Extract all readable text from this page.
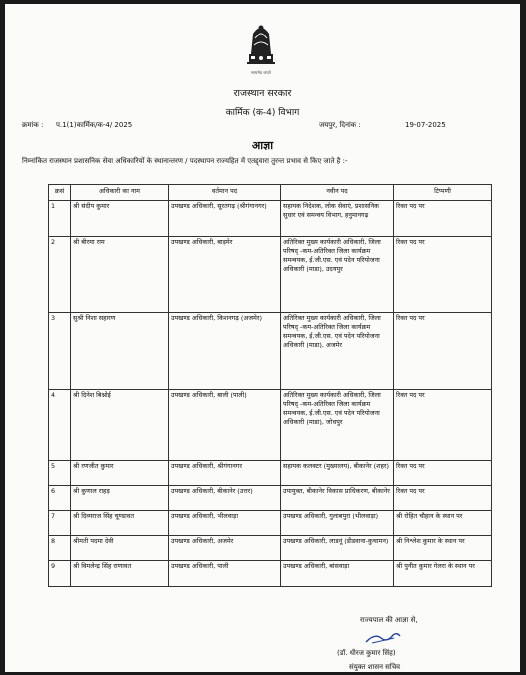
सत्यमेव जयते
राजस्थान सरकार
कार्मिक (क-4) विभाग
क्रमांक : प.1(1)कार्मिक/क-4/ 2025	जयपुर, दिनांक :	19-07-2025
आज्ञा
निम्नांकित राजस्थान प्रशासनिक सेवा अधिकारियों के स्थानान्तरण / पदस्थापन राज्यहित में एतद्द्वारा तुरन्त प्रभाव से किए जाते है :-
क्रसं	अधिकारी का नाम	वर्तमान पद	नवीन पद	टिप्पणी
1	श्री संदीप कुमार	उपखण्ड अधिकारी, सूरतगढ़ (श्रीगंगानगर)	सहायक निदेशक, लोक सेवाएं, प्रशासनिक सुधार एवं समन्वय विभाग, हनुमानगढ़	रिक्त पद पर
2	श्री बीरमा राम	उपखण्ड अधिकारी, बाड़मेर	अतिरिक्त मुख्य कार्यकारी अधिकारी, जिला परिषद् -कम-अतिरिक्त जिला कार्यक्रम समन्वयक, ई.जी.एस. एवं पदेन परियोजना अधिकारी (माडा), उदयपुर	रिक्त पद पर
3	सुश्री निशा सहारण	उपखण्ड अधिकारी, किशनगढ़ (अजमेर)	अतिरिक्त मुख्य कार्यकारी अधिकारी, जिला परिषद् -कम-अतिरिक्त जिला कार्यक्रम समन्वयक, ई.जी.एस. एवं पदेन परियोजना अधिकारी (माडा), अजमेर	रिक्त पद पर
4	श्री दिनेश बिश्नोई	उपखण्ड अधिकारी, बाली (पाली)	अतिरिक्त मुख्य कार्यकारी अधिकारी, जिला परिषद् -कम-अतिरिक्त जिला कार्यक्रम समन्वयक, ई.जी.एस. एवं पदेन परियोजना अधिकारी (माडा), जोधपुर	रिक्त पद पर
5	श्री रणजीत कुमार	उपखण्ड अधिकारी, श्रीगंगानगर	सहायक कलक्टर (मुख्यालय), बीकानेर (शहर)	रिक्त पद पर
6	श्री कुणाल राहड़	उपखण्ड अधिकारी, बीकानेर (उत्तर)	उपायुक्त, बीकानेर विकास प्राधिकरण, बीकानेर	रिक्त पद पर
7	श्री दिव्यराज सिंह चूण्डावत	उपखण्ड अधिकारी, भीलवाड़ा	उपखण्ड अधिकारी, गुलाबपुरा (भीलवाड़ा)	श्री रोहित चौहान के स्थान पर
8	श्रीमती पदमा देवी	उपखण्ड अधिकारी, अजमेर	उपखण्ड अधिकारी, लाडनूं (डीडवाना-कुचामन)	श्री निश्लेश कुमार के स्थान पर
9	श्री विमलेन्द्र सिंह राणावत	उपखण्ड अधिकारी, पाली	उपखण्ड अधिकारी, बांसवाड़ा	श्री पुनीत कुमार गेलरा के स्थान पर
राज्यपाल की आज्ञा से,
(डॉ. धीरज कुमार सिंह)
संयुक्त शासन सचिव
